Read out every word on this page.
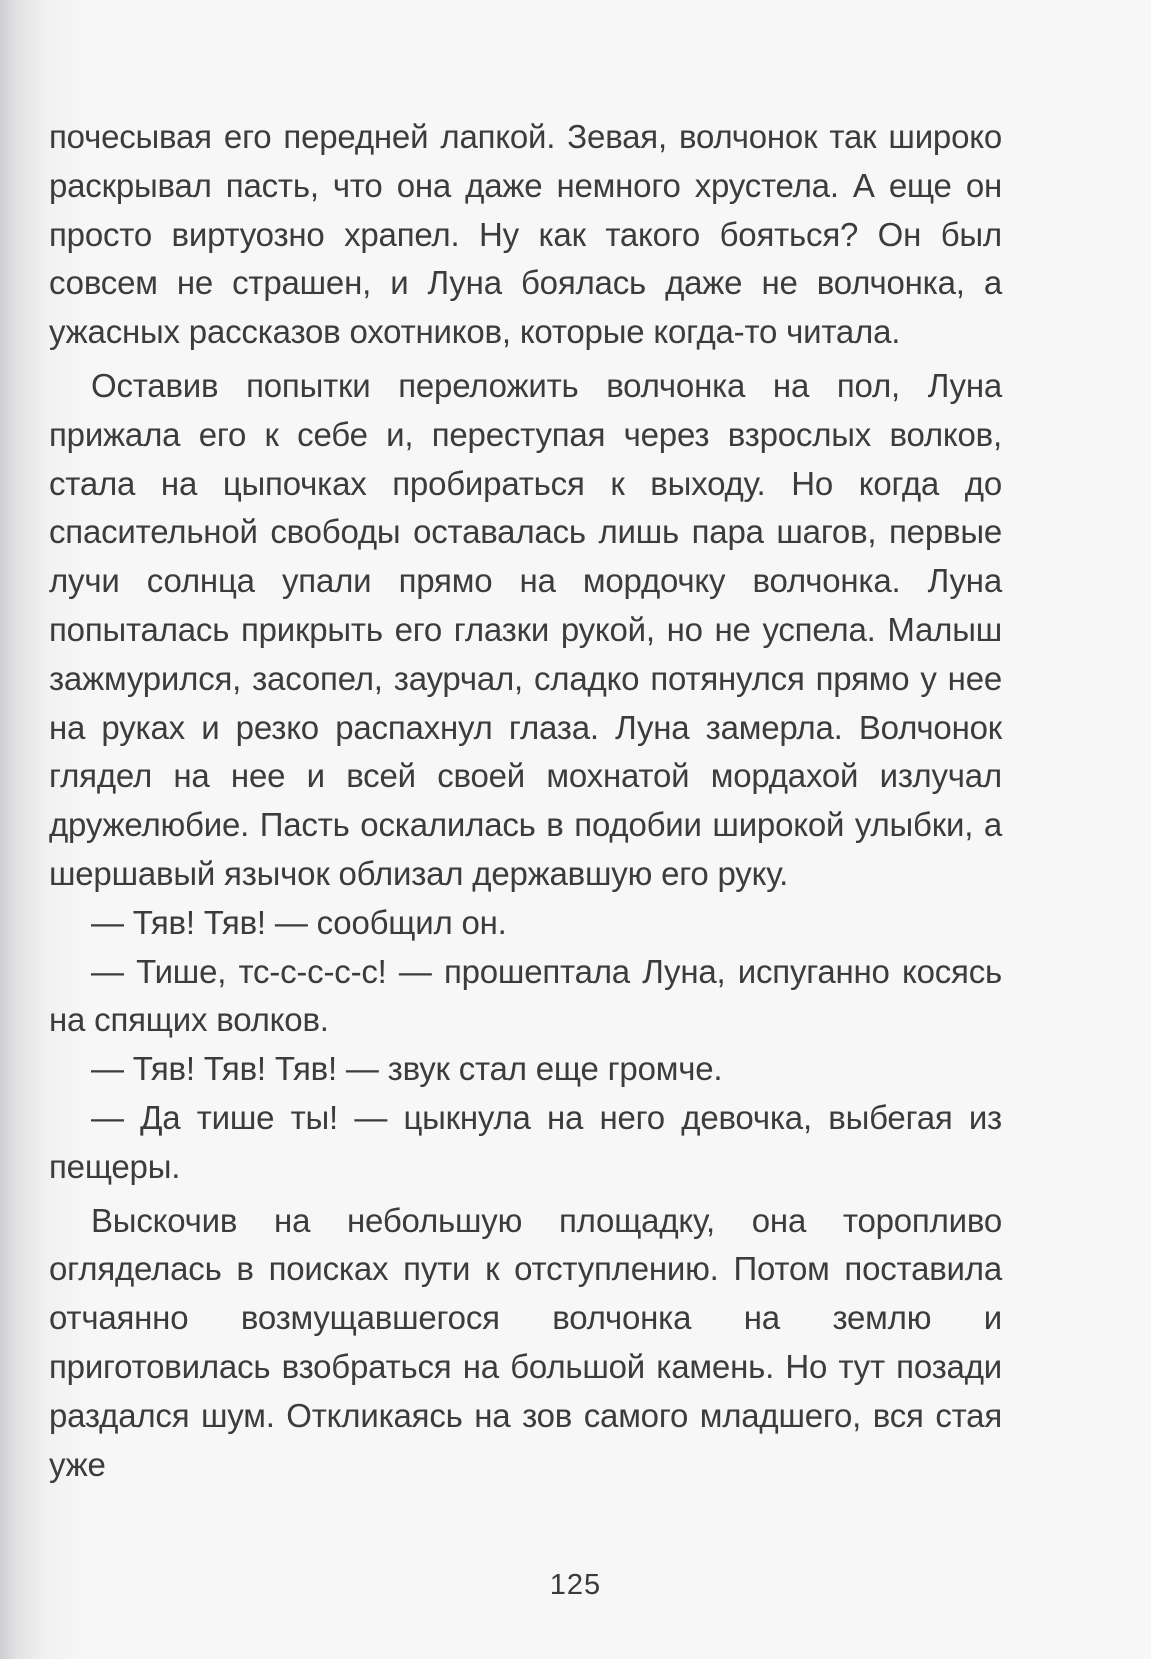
почесывая его передней лапкой. Зевая, волчонок так широко раскрывал пасть, что она даже немного хрустела. А еще он просто виртуозно храпел. Ну как такого бояться? Он был совсем не страшен, и Луна боялась даже не волчонка, а ужасных рассказов охотников, которые когда-то читала.

Оставив попытки переложить волчонка на пол, Луна прижала его к себе и, переступая через взрослых волков, стала на цыпочках пробираться к выходу. Но когда до спасительной свободы оставалась лишь пара шагов, первые лучи солнца упали прямо на мордочку волчонка. Луна попыталась прикрыть его глазки рукой, но не успела. Малыш зажмурился, засопел, заурчал, сладко потянулся прямо у нее на руках и резко распахнул глаза. Луна замерла. Волчонок глядел на нее и всей своей мохнатой мордахой излучал дружелюбие. Пасть оскалилась в подобии широкой улыбки, а шершавый язычок облизал державшую его руку.

— Тяв! Тяв! — сообщил он.

— Тише, тс-с-с-с-с! — прошептала Луна, испуганно косясь на спящих волков.

— Тяв! Тяв! Тяв! — звук стал еще громче.

— Да тише ты! — цыкнула на него девочка, выбегая из пещеры.

Выскочив на небольшую площадку, она торопливо огляделась в поисках пути к отступлению. Потом поставила отчаянно возмущавшегося волчонка на землю и приготовилась взобраться на большой камень. Но тут позади раздался шум. Откликаясь на зов самого младшего, вся стая уже

125
